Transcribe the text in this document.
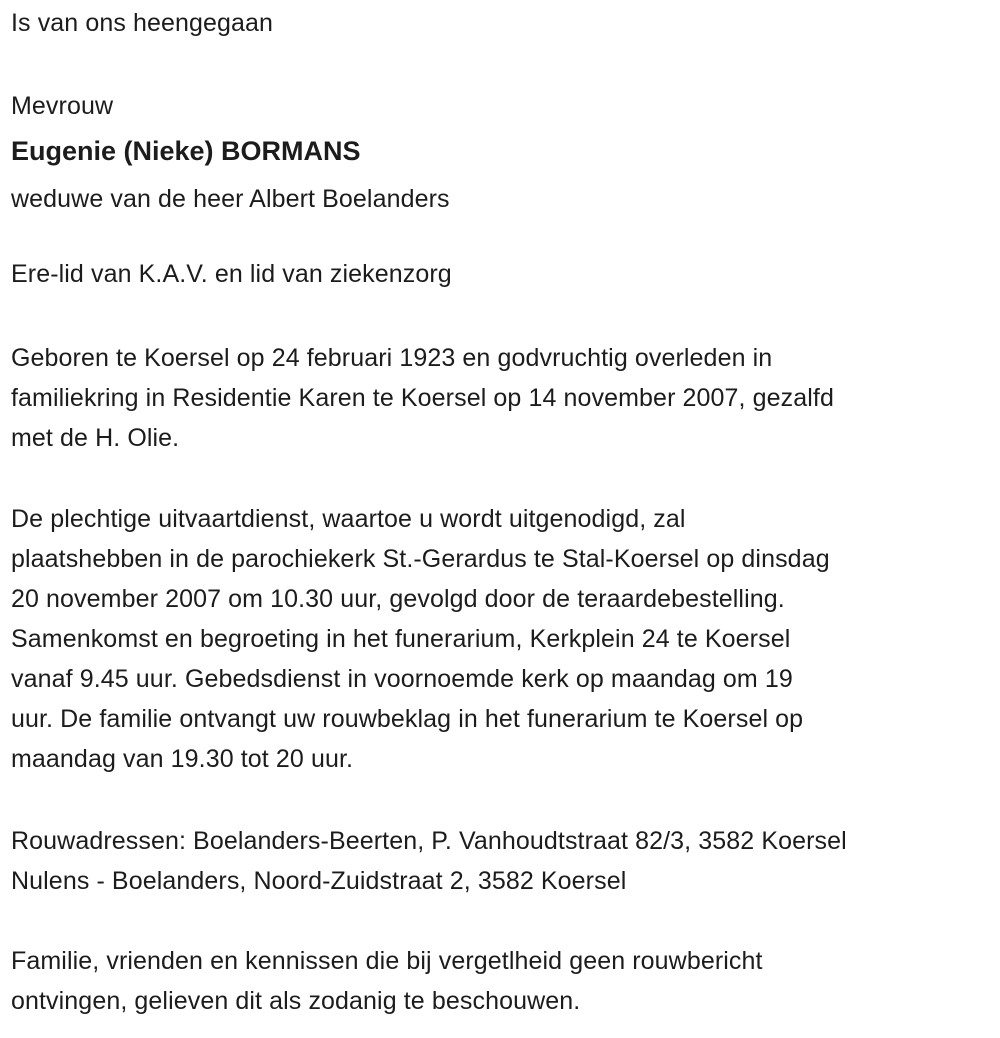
Is van ons heengegaan
Mevrouw
Eugenie (Nieke) BORMANS
weduwe van de heer Albert Boelanders
Ere-lid van K.A.V. en lid van ziekenzorg
Geboren te Koersel op 24 februari 1923 en godvruchtig overleden in
familiekring in Residentie Karen te Koersel op 14 november 2007, gezalfd
met de H. Olie.
De plechtige uitvaartdienst, waartoe u wordt uitgenodigd, zal
plaatshebben in de parochiekerk St.-Gerardus te Stal-Koersel op dinsdag
20 november 2007 om 10.30 uur, gevolgd door de teraardebestelling.
Samenkomst en begroeting in het funerarium, Kerkplein 24 te Koersel
vanaf 9.45 uur. Gebedsdienst in voornoemde kerk op maandag om 19
uur. De familie ontvangt uw rouwbeklag in het funerarium te Koersel op
maandag van 19.30 tot 20 uur.
Rouwadressen: Boelanders-Beerten, P. Vanhoudtstraat 82/3, 3582 Koersel
Nulens - Boelanders, Noord-Zuidstraat 2, 3582 Koersel
Familie, vrienden en kennissen die bij vergetlheid geen rouwbericht
ontvingen, gelieven dit als zodanig te beschouwen.
